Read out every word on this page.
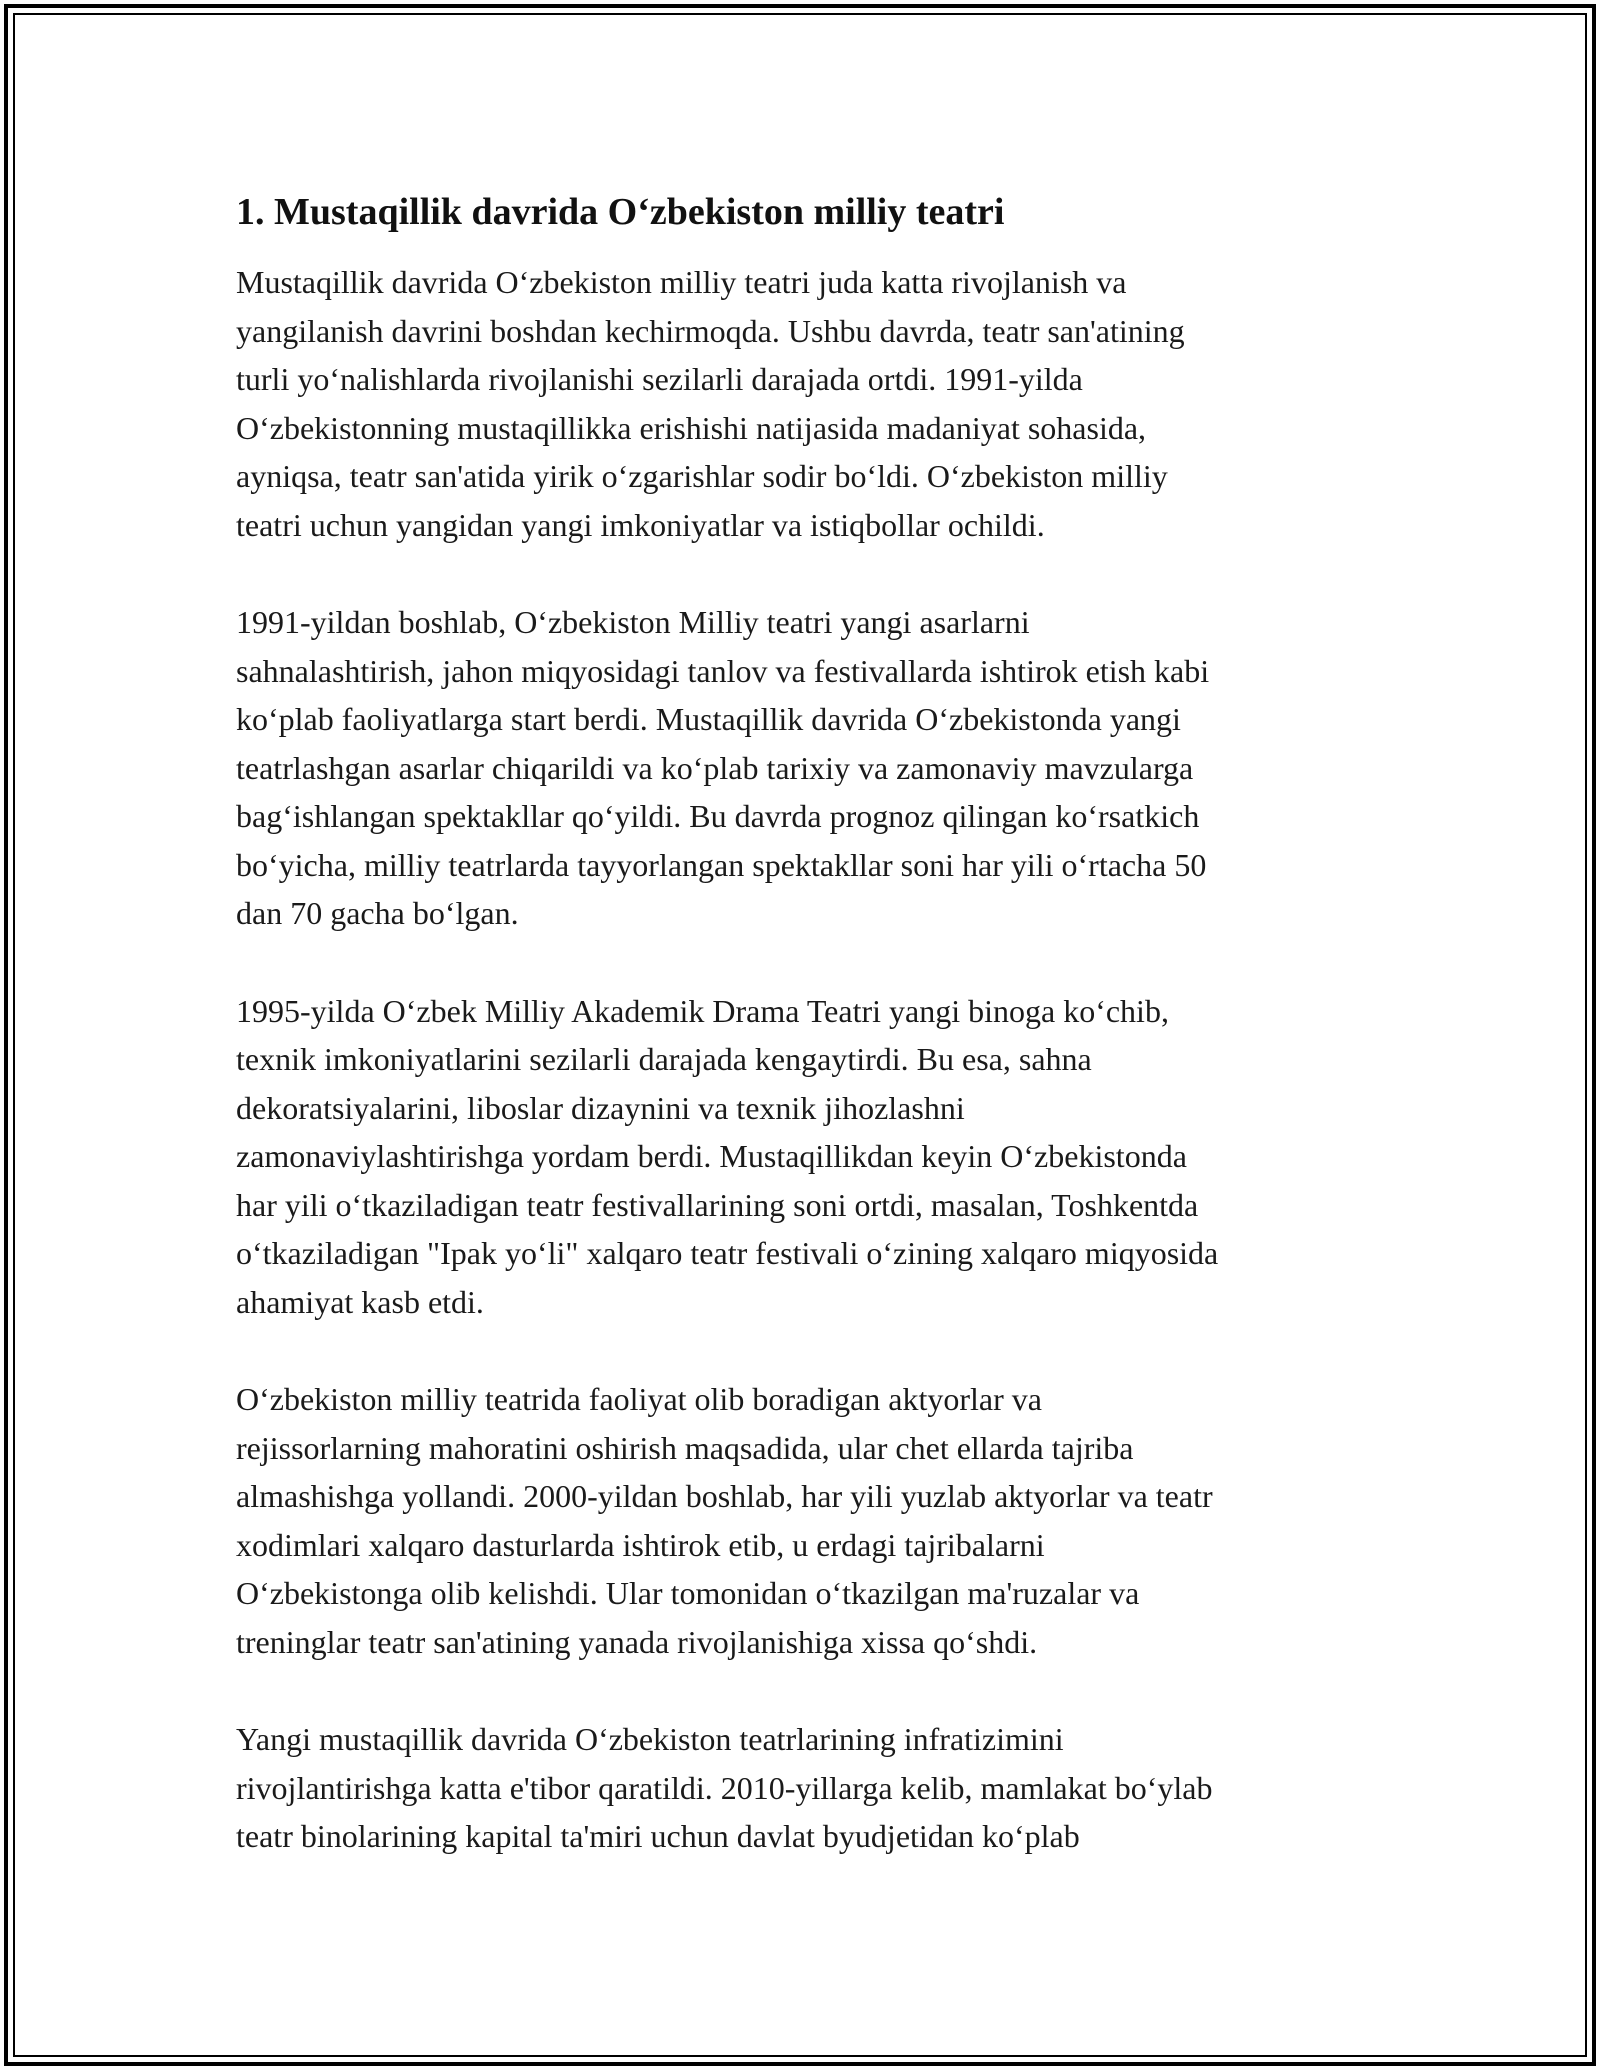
1. Mustaqillik davrida O‘zbekiston milliy teatri

Mustaqillik davrida O‘zbekiston milliy teatri juda katta rivojlanish va
yangilanish davrini boshdan kechirmoqda. Ushbu davrda, teatr san'atining
turli yo‘nalishlarda rivojlanishi sezilarli darajada ortdi. 1991-yilda
O‘zbekistonning mustaqillikka erishishi natijasida madaniyat sohasida,
ayniqsa, teatr san'atida yirik o‘zgarishlar sodir bo‘ldi. O‘zbekiston milliy
teatri uchun yangidan yangi imkoniyatlar va istiqbollar ochildi.

1991-yildan boshlab, O‘zbekiston Milliy teatri yangi asarlarni
sahnalashtirish, jahon miqyosidagi tanlov va festivallarda ishtirok etish kabi
ko‘plab faoliyatlarga start berdi. Mustaqillik davrida O‘zbekistonda yangi
teatrlashgan asarlar chiqarildi va ko‘plab tarixiy va zamonaviy mavzularga
bag‘ishlangan spektakllar qo‘yildi. Bu davrda prognoz qilingan ko‘rsatkich
bo‘yicha, milliy teatrlarda tayyorlangan spektakllar soni har yili o‘rtacha 50
dan 70 gacha bo‘lgan.

1995-yilda O‘zbek Milliy Akademik Drama Teatri yangi binoga ko‘chib,
texnik imkoniyatlarini sezilarli darajada kengaytirdi. Bu esa, sahna
dekoratsiyalarini, liboslar dizaynini va texnik jihozlashni
zamonaviylashtirishga yordam berdi. Mustaqillikdan keyin O‘zbekistonda
har yili o‘tkaziladigan teatr festivallarining soni ortdi, masalan, Toshkentda
o‘tkaziladigan "Ipak yo‘li" xalqaro teatr festivali o‘zining xalqaro miqyosida
ahamiyat kasb etdi.

O‘zbekiston milliy teatrida faoliyat olib boradigan aktyorlar va
rejissorlarning mahoratini oshirish maqsadida, ular chet ellarda tajriba
almashishga yollandi. 2000-yildan boshlab, har yili yuzlab aktyorlar va teatr
xodimlari xalqaro dasturlarda ishtirok etib, u erdagi tajribalarni
O‘zbekistonga olib kelishdi. Ular tomonidan o‘tkazilgan ma'ruzalar va
treninglar teatr san'atining yanada rivojlanishiga xissa qo‘shdi.

Yangi mustaqillik davrida O‘zbekiston teatrlarining infratizimini
rivojlantirishga katta e'tibor qaratildi. 2010-yillarga kelib, mamlakat bo‘ylab
teatr binolarining kapital ta'miri uchun davlat byudjetidan ko‘plab
